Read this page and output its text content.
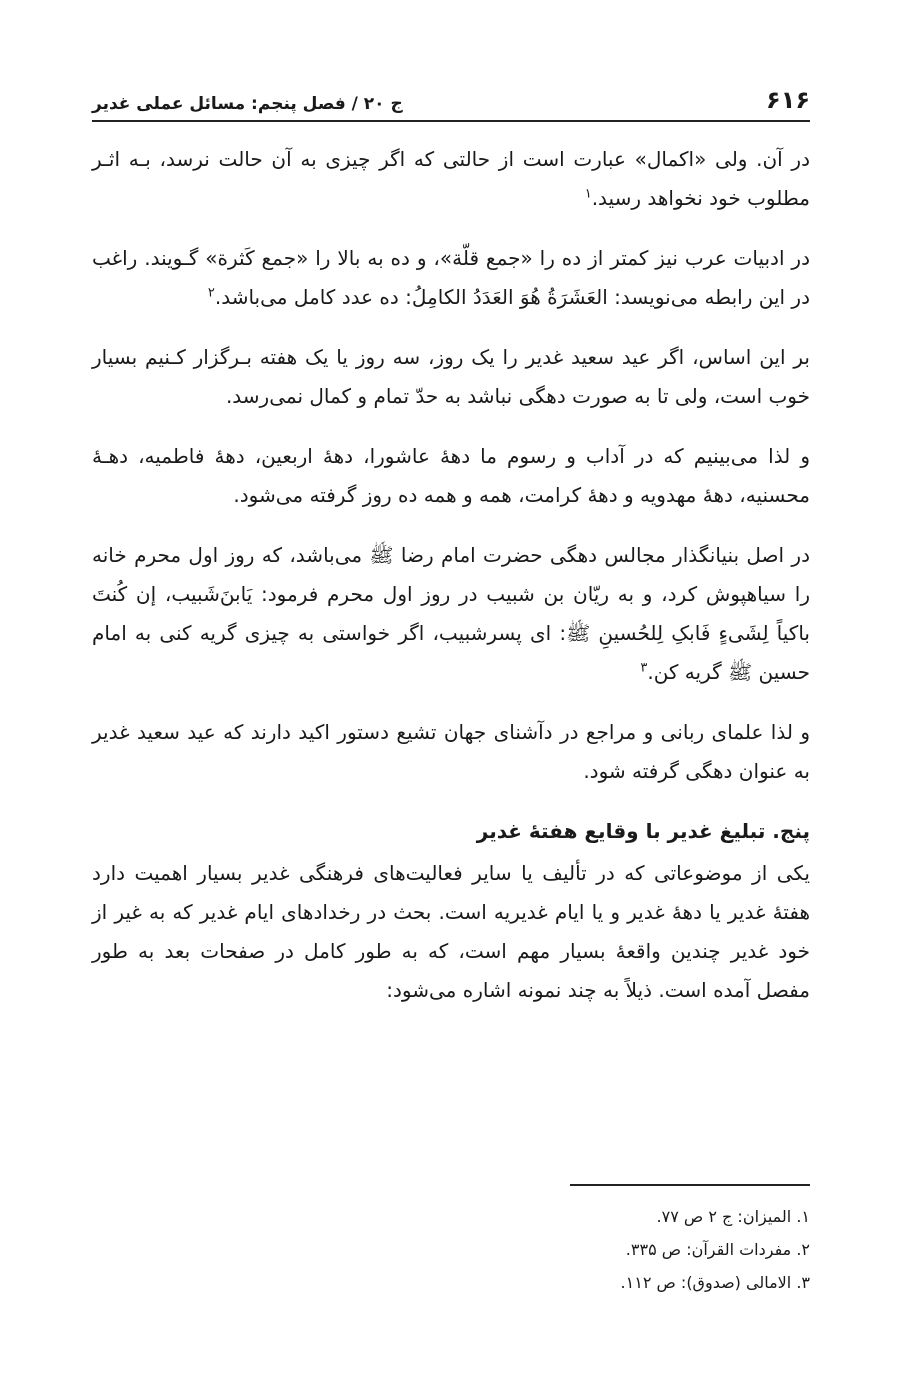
۶۱۶
ج ۲۰ / فصل پنجم: مسائل عملی غدیر

در آن. ولی «اکمال» عبارت است از حالتی که اگر چیزی به آن حالت نرسد، بـه اثـر مطلوب خود نخواهد رسید.$^۱$

در ادبیات عرب نیز کمتر از ده را «جمع قلّة»، و ده به بالا را «جمع کَثرة» گـویند. راغب در این رابطه می‌نویسد: العَشَرَةُ هُوَ العَدَدُ الکامِلُ: ده عدد کامل می‌باشد.$^۲$

بر این اساس، اگر عید سعید غدیر را یک روز، سه روز یا یک هفته بـرگزار کـنیم بسیار خوب است، ولی تا به صورت دهگی نباشد به حدّ تمام و کمال نمی‌رسد.

و لذا می‌بینیم که در آداب و رسوم ما دههٔ عاشورا، دههٔ اربعین، دههٔ فاطمیه، دهـهٔ محسنیه، دههٔ مهدویه و دههٔ کرامت، همه و همه ده روز گرفته می‌شود.

در اصل بنیانگذار مجالس دهگی حضرت امام رضا ﷺ می‌باشد، که روز اول محرم خانه را سیاهپوش کرد، و به ریّان بن شبیب در روز اول محرم فرمود: یَابنَ‌شَبیب، إن کُنتَ باکیاً لِشَیءٍ فَابکِ لِلحُسینِ ﷺ: ای پسرشبیب، اگر خواستی به چیزی گریه کنی به امام حسین ﷺ گریه کن.$^۳$

و لذا علمای ربانی و مراجع در دآشنای جهان تشیع دستور اکید دارند که عید سعید غدیر به عنوان دهگی گرفته شود.

پنج. تبلیغ غدیر با وقایع هفتهٔ غدیر

یکی از موضوعاتی که در تألیف یا سایر فعالیت‌های فرهنگی غدیر بسیار اهمیت دارد هفتهٔ غدیر یا دههٔ غدیر و یا ایام غدیریه است. بحث در رخدادهای ایام غدیر که به غیر از خود غدیر چندین واقعهٔ بسیار مهم است، که به طور کامل در صفحات بعد به طور مفصل آمده است. ذیلاً به چند نمونه اشاره می‌شود:

۱. المیزان: ج ۲ ص ۷۷.
۲. مفردات القرآن: ص ۳۳۵.
۳. الامالی (صدوق): ص ۱۱۲.
